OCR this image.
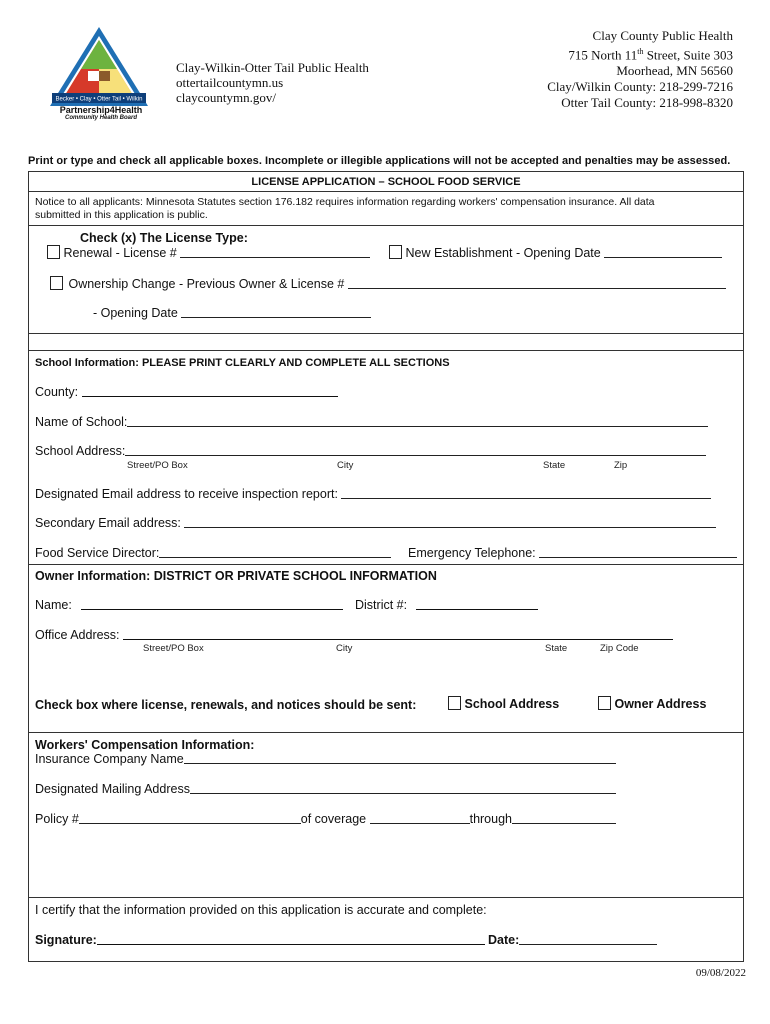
Becker • Clay • Otter Tail • Wilkin
Partnership4Health
Community Health Board
Clay-Wilkin-Otter Tail Public Health
ottertailcountymn.us
claycountymn.gov/
Clay County Public Health
715 North 11th Street, Suite 303
Moorhead, MN 56560
Clay/Wilkin County: 218-299-7216
Otter Tail County: 218-998-8320
Print or type and check all applicable boxes. Incomplete or illegible applications will not be accepted and penalties may be assessed.
LICENSE APPLICATION – SCHOOL FOOD SERVICE
Notice to all applicants: Minnesota Statutes section 176.182 requires information regarding workers' compensation insurance. All data
submitted in this application is public.
Check (x) The License Type:
Renewal - License #	New Establishment - Opening Date
Ownership Change - Previous Owner & License #
- Opening Date
School Information: PLEASE PRINT CLEARLY AND COMPLETE ALL SECTIONS
County:
Name of School:
School Address:
Street/PO Box	City	State	Zip
Designated Email address to receive inspection report:
Secondary Email address:
Food Service Director:	Emergency Telephone:
Owner Information: DISTRICT OR PRIVATE SCHOOL INFORMATION
Name:	District #:
Office Address:
Street/PO Box	City	State	Zip Code
Check box where license, renewals, and notices should be sent:	School Address	Owner Address
Workers' Compensation Information:
Insurance Company Name
Designated Mailing Address
Policy #	of coverage	through
I certify that the information provided on this application is accurate and complete:
Signature:	Date:
09/08/2022
